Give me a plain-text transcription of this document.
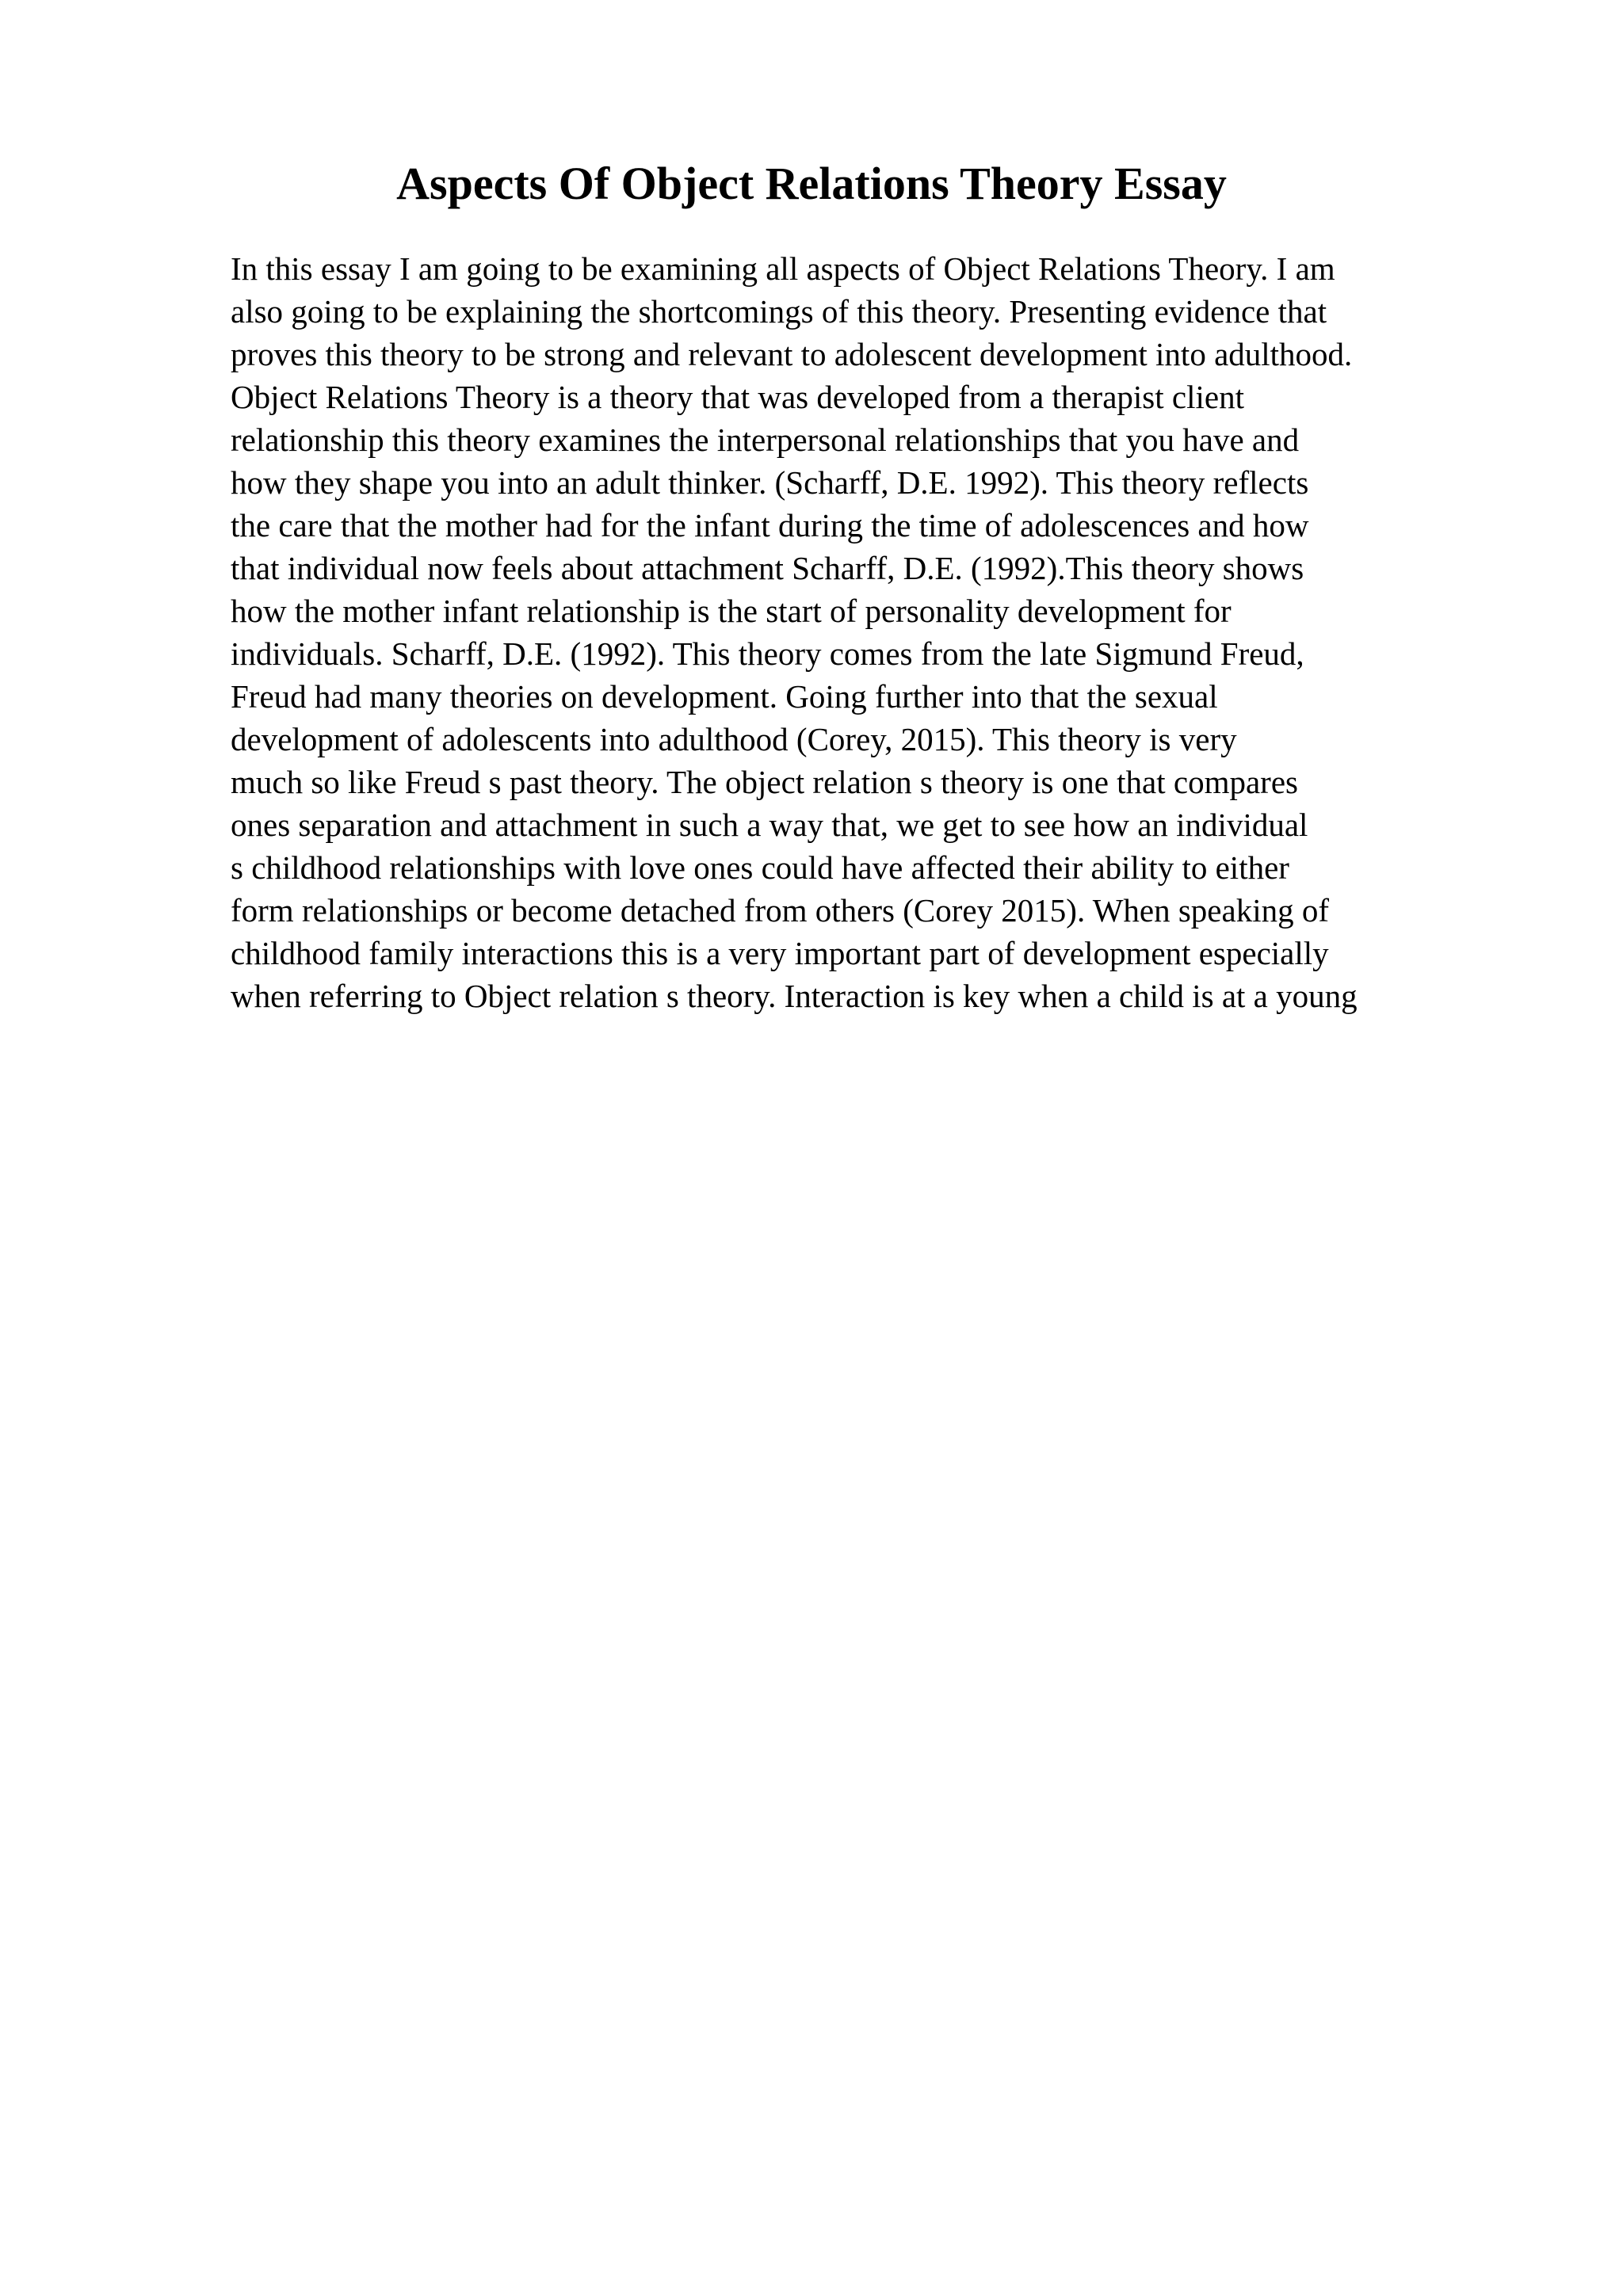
Aspects Of Object Relations Theory Essay
In this essay I am going to be examining all aspects of Object Relations Theory. I am
also going to be explaining the shortcomings of this theory. Presenting evidence that
proves this theory to be strong and relevant to adolescent development into adulthood.
Object Relations Theory is a theory that was developed from a therapist client
relationship this theory examines the interpersonal relationships that you have and
how they shape you into an adult thinker. (Scharff, D.E. 1992). This theory reflects
the care that the mother had for the infant during the time of adolescences and how
that individual now feels about attachment Scharff, D.E. (1992).This theory shows
how the mother infant relationship is the start of personality development for
individuals. Scharff, D.E. (1992). This theory comes from the late Sigmund Freud,
Freud had many theories on development. Going further into that the sexual
development of adolescents into adulthood (Corey, 2015). This theory is very
much so like Freud s past theory. The object relation s theory is one that compares
ones separation and attachment in such a way that, we get to see how an individual
s childhood relationships with love ones could have affected their ability to either
form relationships or become detached from others (Corey 2015). When speaking of
childhood family interactions this is a very important part of development especially
when referring to Object relation s theory. Interaction is key when a child is at a young
